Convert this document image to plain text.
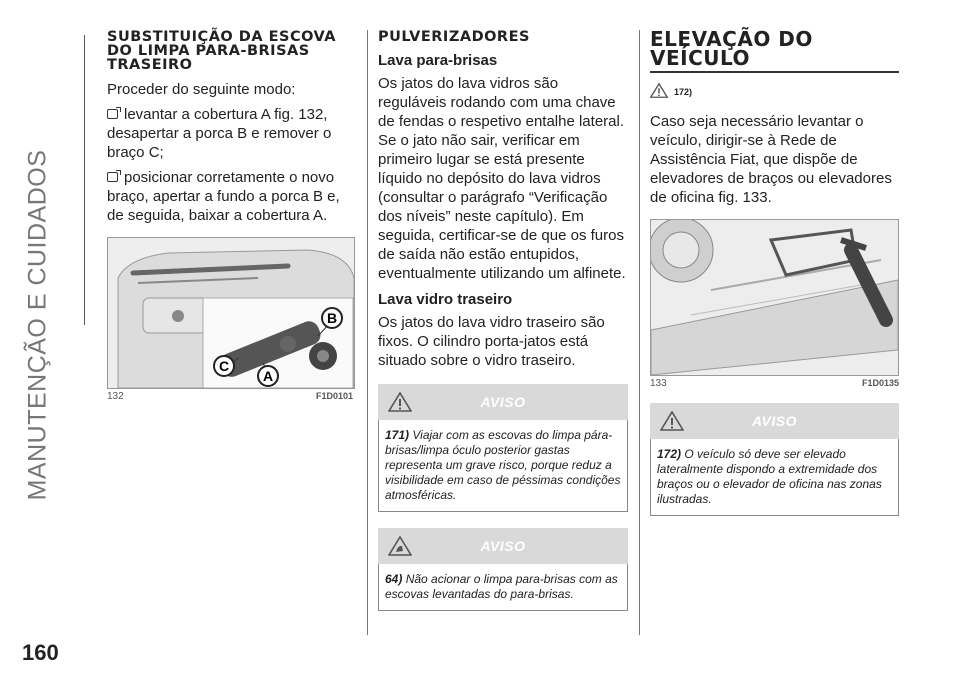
MANUTENÇÃO E CUIDADOS
160
SUBSTITUIÇÃO DA ESCOVA DO LIMPA PARA-BRISAS TRASEIRO

Proceder do seguinte modo:

levantar a cobertura A fig. 132, desapertar a porca B e remover o braço C;

posicionar corretamente o novo braço, apertar a fundo a porca B e, de seguida, baixar a cobertura A.

B
A
C
132	F1D0101
PULVERIZADORES
Lava para-brisas

Os jatos do lava vidros são reguláveis rodando com uma chave de fendas o respetivo entalhe lateral. Se o jato não sair, verificar em primeiro lugar se está presente líquido no depósito do lava vidros (consultar o parágrafo “Verificação dos níveis” neste capítulo). Em seguida, certificar-se de que os furos de saída não estão entupidos, eventualmente utilizando um alfinete.

Lava vidro traseiro

Os jatos do lava vidro traseiro são fixos. O cilindro porta-jatos está situado sobre o vidro traseiro.

AVISO
171) Viajar com as escovas do limpa pára-brisas/limpa óculo posterior gastas representa um grave risco, porque reduz a visibilidade em caso de péssimas condições atmosféricas.
AVISO
64) Não acionar o limpa para-brisas com as escovas levantadas do para-brisas.
ELEVAÇÃO DO VEÍCULO
172)

Caso seja necessário levantar o veículo, dirigir-se à Rede de Assistência Fiat, que dispõe de elevadores de braços ou elevadores de oficina fig. 133.

133	F1D0135
AVISO
172) O veículo só deve ser elevado lateralmente dispondo a extremidade dos braços ou o elevador de oficina nas zonas ilustradas.
